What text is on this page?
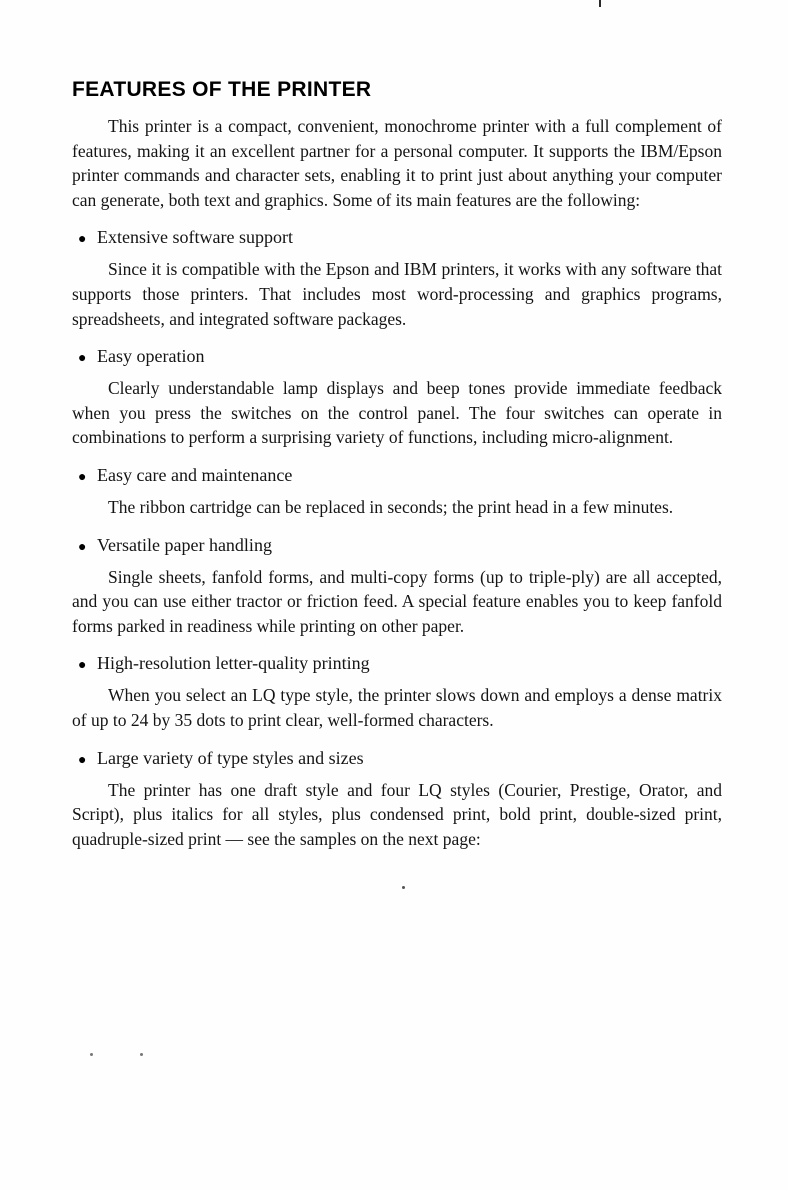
FEATURES OF THE PRINTER

This printer is a compact, convenient, monochrome printer with a full complement of features, making it an excellent partner for a personal computer. It supports the IBM/Epson printer commands and character sets, enabling it to print just about anything your computer can generate, both text and graphics. Some of its main features are the following:

● Extensive software support

Since it is compatible with the Epson and IBM printers, it works with any software that supports those printers. That includes most word-processing and graphics programs, spreadsheets, and integrated software packages.

● Easy operation

Clearly understandable lamp displays and beep tones provide immediate feedback when you press the switches on the control panel. The four switches can operate in combinations to perform a surprising variety of functions, including micro-alignment.

● Easy care and maintenance

The ribbon cartridge can be replaced in seconds; the print head in a few minutes.

● Versatile paper handling

Single sheets, fanfold forms, and multi-copy forms (up to triple-ply) are all accepted, and you can use either tractor or friction feed. A special feature enables you to keep fanfold forms parked in readiness while printing on other paper.

● High-resolution letter-quality printing

When you select an LQ type style, the printer slows down and employs a dense matrix of up to 24 by 35 dots to print clear, well-formed characters.

● Large variety of type styles and sizes

The printer has one draft style and four LQ styles (Courier, Prestige, Orator, and Script), plus italics for all styles, plus condensed print, bold print, double-sized print, quadruple-sized print — see the samples on the next page:
